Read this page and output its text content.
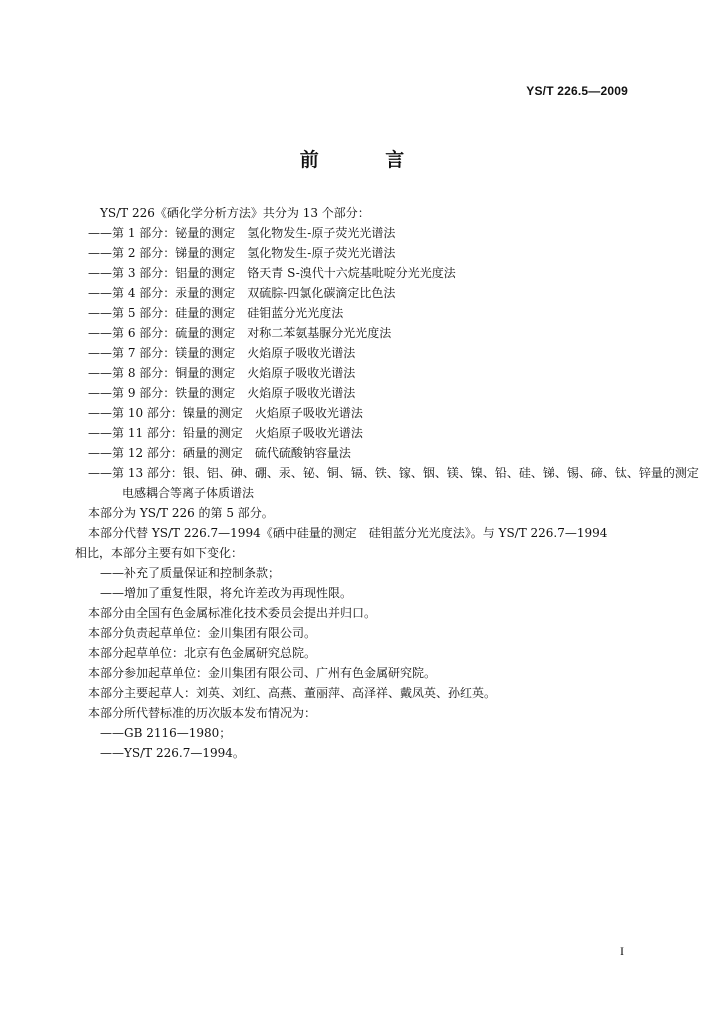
YS/T 226.5—2009
前 言
YS/T 226《硒化学分析方法》共分为 13 个部分：
——第 1 部分：铋量的测定　氢化物发生-原子荧光光谱法
——第 2 部分：锑量的测定　氢化物发生-原子荧光光谱法
——第 3 部分：铝量的测定　铬天青 S-溴代十六烷基吡啶分光光度法
——第 4 部分：汞量的测定　双硫腙-四氯化碳滴定比色法
——第 5 部分：硅量的测定　硅钼蓝分光光度法
——第 6 部分：硫量的测定　对称二苯氨基脲分光光度法
——第 7 部分：镁量的测定　火焰原子吸收光谱法
——第 8 部分：铜量的测定　火焰原子吸收光谱法
——第 9 部分：铁量的测定　火焰原子吸收光谱法
——第 10 部分：镍量的测定　火焰原子吸收光谱法
——第 11 部分：铅量的测定　火焰原子吸收光谱法
——第 12 部分：硒量的测定　硫代硫酸钠容量法
——第 13 部分：银、铝、砷、硼、汞、铋、铜、镉、铁、镓、铟、镁、镍、铅、硅、锑、锡、碲、钛、锌量的测定
电感耦合等离子体质谱法
本部分为 YS/T 226 的第 5 部分。
本部分代替 YS/T 226.7—1994《硒中硅量的测定　硅钼蓝分光光度法》。与 YS/T 226.7—1994
相比，本部分主要有如下变化：
——补充了质量保证和控制条款；
——增加了重复性限，将允许差改为再现性限。
本部分由全国有色金属标准化技术委员会提出并归口。
本部分负责起草单位：金川集团有限公司。
本部分起草单位：北京有色金属研究总院。
本部分参加起草单位：金川集团有限公司、广州有色金属研究院。
本部分主要起草人：刘英、刘红、高燕、董丽萍、高泽祥、戴凤英、孙红英。
本部分所代替标准的历次版本发布情况为：
——GB 2116—1980；
——YS/T 226.7—1994。
I
